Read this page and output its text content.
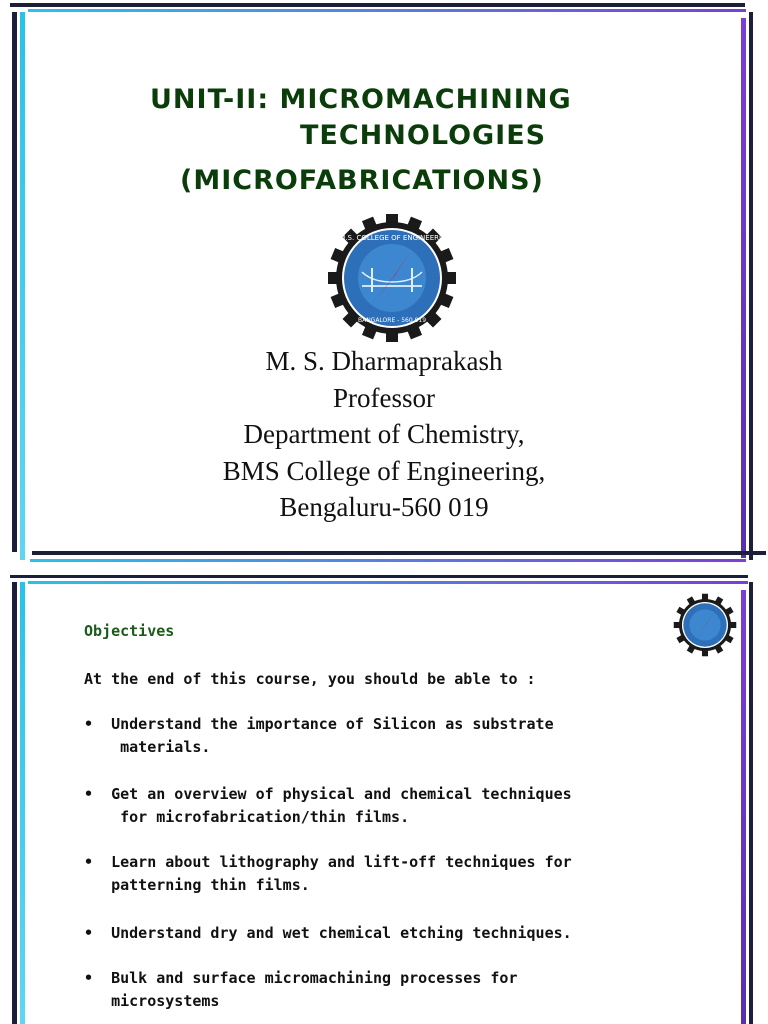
UNIT-II: MICROMACHINING
TECHNOLOGIES
(MICROFABRICATIONS)
B.M.S. COLLEGE OF ENGINEERING
BANGALORE - 560 019
M. S. Dharmaprakash
Professor
Department of Chemistry,
BMS College of Engineering,
Bengaluru-560 019
Objectives
At the end of this course, you should be able to :
•  Understand the importance of Silicon as substrate
materials.
•  Get an overview of physical and chemical techniques
for microfabrication/thin films.
•  Learn about lithography and lift-off techniques for
patterning thin films.
•  Understand dry and wet chemical etching techniques.
•  Bulk and surface micromachining processes for
microsystems
